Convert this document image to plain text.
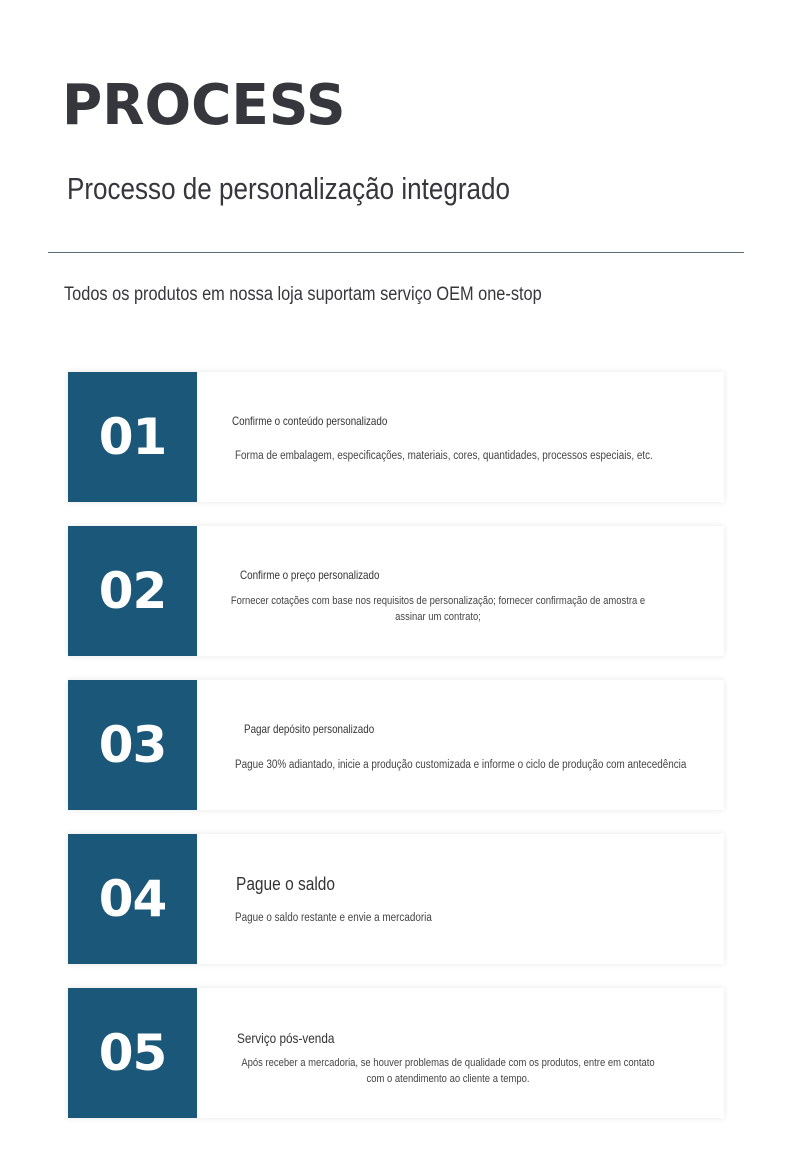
PROCESS
Processo de personalização integrado
Todos os produtos em nossa loja suportam serviço OEM one-stop
01	Confirme o conteúdo personalizado
Forma de embalagem, especificações, materiais, cores, quantidades, processos especiais, etc.
02	Confirme o preço personalizado
Fornecer cotações com base nos requisitos de personalização; fornecer confirmação de amostra e assinar um contrato;
03	Pagar depósito personalizado
Pague 30% adiantado, inicie a produção customizada e informe o ciclo de produção com antecedência
04	Pague o saldo
Pague o saldo restante e envie a mercadoria
05	Serviço pós-venda
Após receber a mercadoria, se houver problemas de qualidade com os produtos, entre em contato com o atendimento ao cliente a tempo.
